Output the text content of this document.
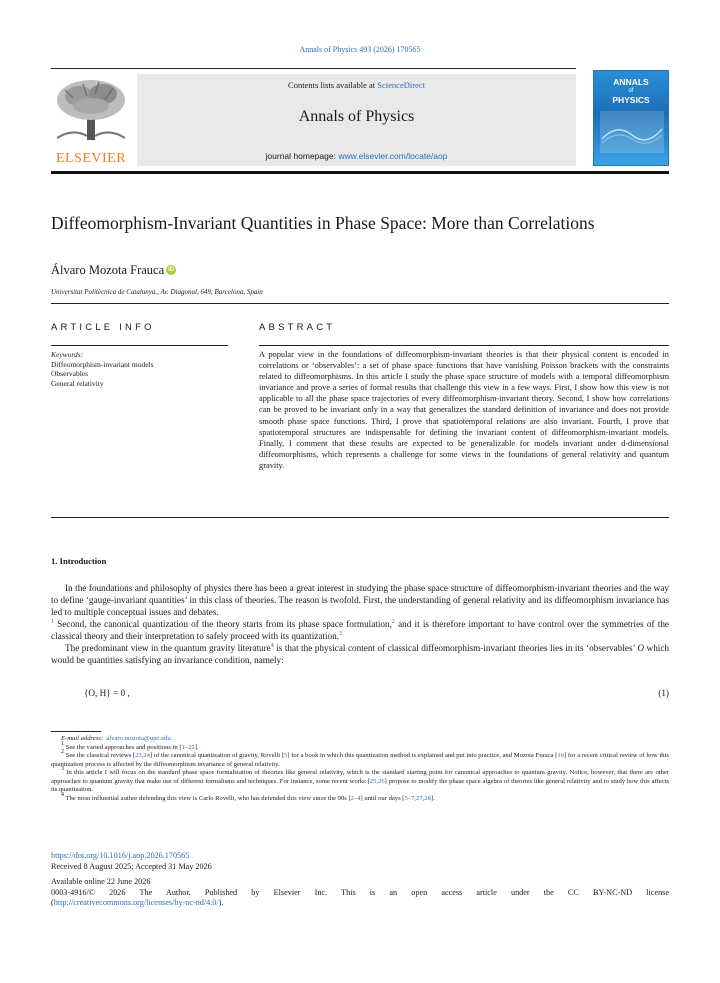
Annals of Physics 493 (2026) 170565
ELSEVIER
Contents lists available at ScienceDirect
Annals of Physics
journal homepage: www.elsevier.com/locate/aop
ANNALS
of
PHYSICS
Diffeomorphism-Invariant Quantities in Phase Space: More than Correlations
Álvaro Mozota Frauca iD
Universitat Politècnica de Catalunya., Av. Diagonal, 649, Barcelona, Spain
ARTICLE INFO	ABSTRACT
Keywords:
Diffeomorphism-invariant models
Observables
General relativity
A popular view in the foundations of diffeomorphism-invariant theories is that their physical content is encoded in correlations or ‘observables’: a set of phase space functions that have vanishing Poisson brackets with the constraints related to diffeomorphisms. In this article I study the phase space structure of models with a temporal diffeomorphism invariance and prove a series of formal results that challenge this view in a few ways. First, I show how this view is not applicable to all the phase space trajectories of every diffeomorphism-invariant theory. Second, I show how correlations can be proved to be invariant only in a way that generalizes the standard definition of invariance and does not provide smooth phase space functions. Third, I prove that spatiotemporal relations are also invariant. Fourth, I prove that spatiotemporal structures are indispensable for defining the invariant content of diffeomorphism-invariant models. Finally, I comment that these results are expected to be generalizable for models invariant under d-dimensional diffeomorphisms, which represents a challenge for some views in the foundations of general relativity and quantum gravity.
1. Introduction

In the foundations and philosophy of physics there has been a great interest in studying the phase space structure of diffeomorphism-invariant theories and the way to define ‘gauge-invariant quantities’ in this class of theories. The reason is twofold. First, the understanding of general relativity and its diffeomorphism invariance has led to multiple conceptual issues and debates.
$^1$ Second, the canonical quantization of the theory starts from its phase space formulation,$^2$ and it is therefore important to have control over the symmetries of the classical theory and their interpretation to safely proceed with its quantization.$^3$

The predominant view in the quantum gravity literature$^4$ is that the physical content of classical diffeomorphism-invariant theories lies in its ‘observables’ O which would be quantities satisfying an invariance condition, namely:

{O, H} = 0 ,	(1)
E-mail address: alvaro.mozota@upc.edu.
$^1$ See the varied approaches and positions in [1–22].
$^2$ See the classical reviews [23,24] of the canonical quantization of gravity, Rovelli [5] for a book in which this quantization method is explained and put into practice, and Mozota Frauca [16] for a recent critical review of how this quantization process is affected by the diffeomorphism invariance of general relativity.
$^3$ In this article I will focus on the standard phase space formalization of theories like general relativity, which is the standard starting point for canonical approaches to quantum gravity. Notice, however, that there are other approaches to quantum gravity that make use of different formalisms and techniques. For instance, some recent works [25,26] propose to modify the phase space algebra of theories like general relativity and to study how this affects its quantization.
$^4$ The most influential author defending this view is Carlo Rovelli, who has defended this view since the 90s [2–4] until our days [5–7,27,28].
https://doi.org/10.1016/j.aop.2026.170565
Received 8 August 2025; Accepted 31 May 2026
Available online 22 June 2026
0003-4916/© 2026 The Author. Published by Elsevier Inc. This is an open access article under the CC BY-NC-ND license
(http://creativecommons.org/licenses/by-nc-nd/4.0/).
